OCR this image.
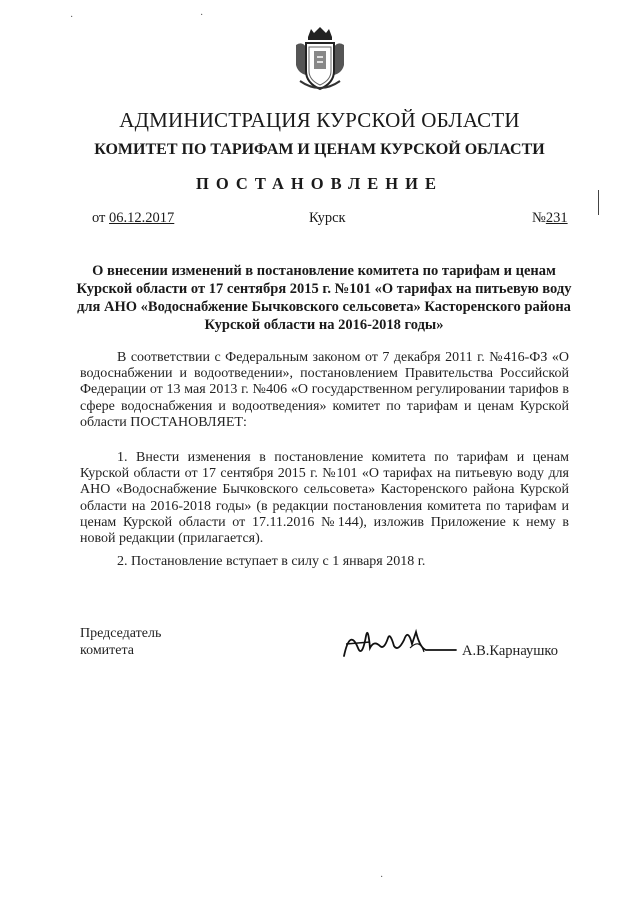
·	·
АДМИНИСТРАЦИЯ КУРСКОЙ ОБЛАСТИ
КОМИТЕТ ПО ТАРИФАМ И ЦЕНАМ КУРСКОЙ ОБЛАСТИ
ПОСТАНОВЛЕНИЕ
от 06.12.2017	Курск	№231
О внесении изменений в постановление комитета по тарифам и ценам Курской области от 17 сентября 2015 г. №101 «О тарифах на питьевую воду для АНО «Водоснабжение Бычковского сельсовета» Касторенского района Курской области на 2016-2018 годы»
В соответствии с Федеральным законом от 7 декабря 2011 г. №416-ФЗ «О водоснабжении и водоотведении», постановлением Правительства Российской Федерации от 13 мая 2013 г. №406 «О государственном регулировании тарифов в сфере водоснабжения и водоотведения» комитет по тарифам и ценам Курской области ПОСТАНОВЛЯЕТ:
1. Внести изменения в постановление комитета по тарифам и ценам Курской области от 17 сентября 2015 г. №101 «О тарифах на питьевую воду для АНО «Водоснабжение Бычковского сельсовета» Касторенского района Курской области на 2016-2018 годы» (в редакции постановления комитета по тарифам и ценам Курской области от 17.11.2016 №144), изложив Приложение к нему в новой редакции (прилагается).
2. Постановление вступает в силу с 1 января 2018 г.
Председатель
комитета	А.В.Карнаушко
·
